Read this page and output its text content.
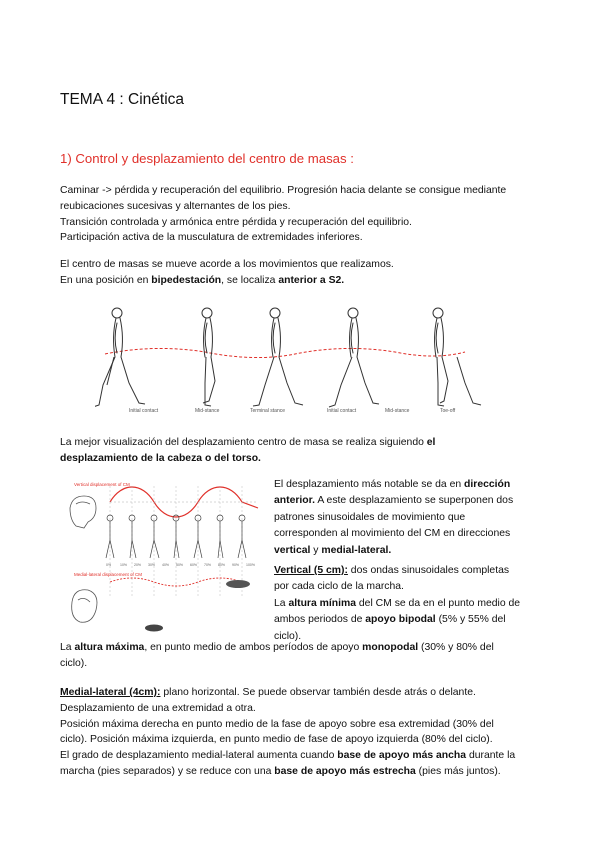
TEMA 4 : Cinética
1) Control y desplazamiento del centro de masas :
Caminar -> pérdida y recuperación del equilibrio. Progresión hacia delante se consigue mediante
reubicaciones sucesivas y alternantes de los pies.
Transición controlada y armónica entre pérdida y recuperación del equilibrio.
Participación activa de la musculatura de extremidades inferiores.
El centro de masas se mueve acorde a los movimientos que realizamos.
En una posición en bipedestación, se localiza anterior a S2.
Initial contact	Mid-stance	Terminal stance	Initial contact	Mid-stance	Toe-off
La mejor visualización del desplazamiento centro de masa se realiza siguiendo el
desplazamiento de la cabeza o del torso.
Vertical displacement of CM
0%	10% 20% 30% 40% 50% 60% 70% 80% 90% 100%
Medial-lateral displacement of CM
El desplazamiento más notable se da en dirección
anterior. A este desplazamiento se superponen dos
patrones sinusoidales de movimiento que
corresponden al movimiento del CM en direcciones
vertical y medial-lateral.
Vertical (5 cm): dos ondas sinusoidales completas
por cada ciclo de la marcha.
La altura mínima del CM se da en el punto medio de
ambos periodos de apoyo bipodal (5% y 55% del
ciclo).
La altura máxima, en punto medio de ambos períodos de apoyo monopodal (30% y 80% del
ciclo).
Medial-lateral (4cm): plano horizontal. Se puede observar también desde atrás o delante.
Desplazamiento de una extremidad a otra.
Posición máxima derecha en punto medio de la fase de apoyo sobre esa extremidad (30% del
ciclo). Posición máxima izquierda, en punto medio de fase de apoyo izquierda (80% del ciclo).
El grado de desplazamiento medial-lateral aumenta cuando base de apoyo más ancha durante la
marcha (pies separados) y se reduce con una base de apoyo más estrecha (pies más juntos).
